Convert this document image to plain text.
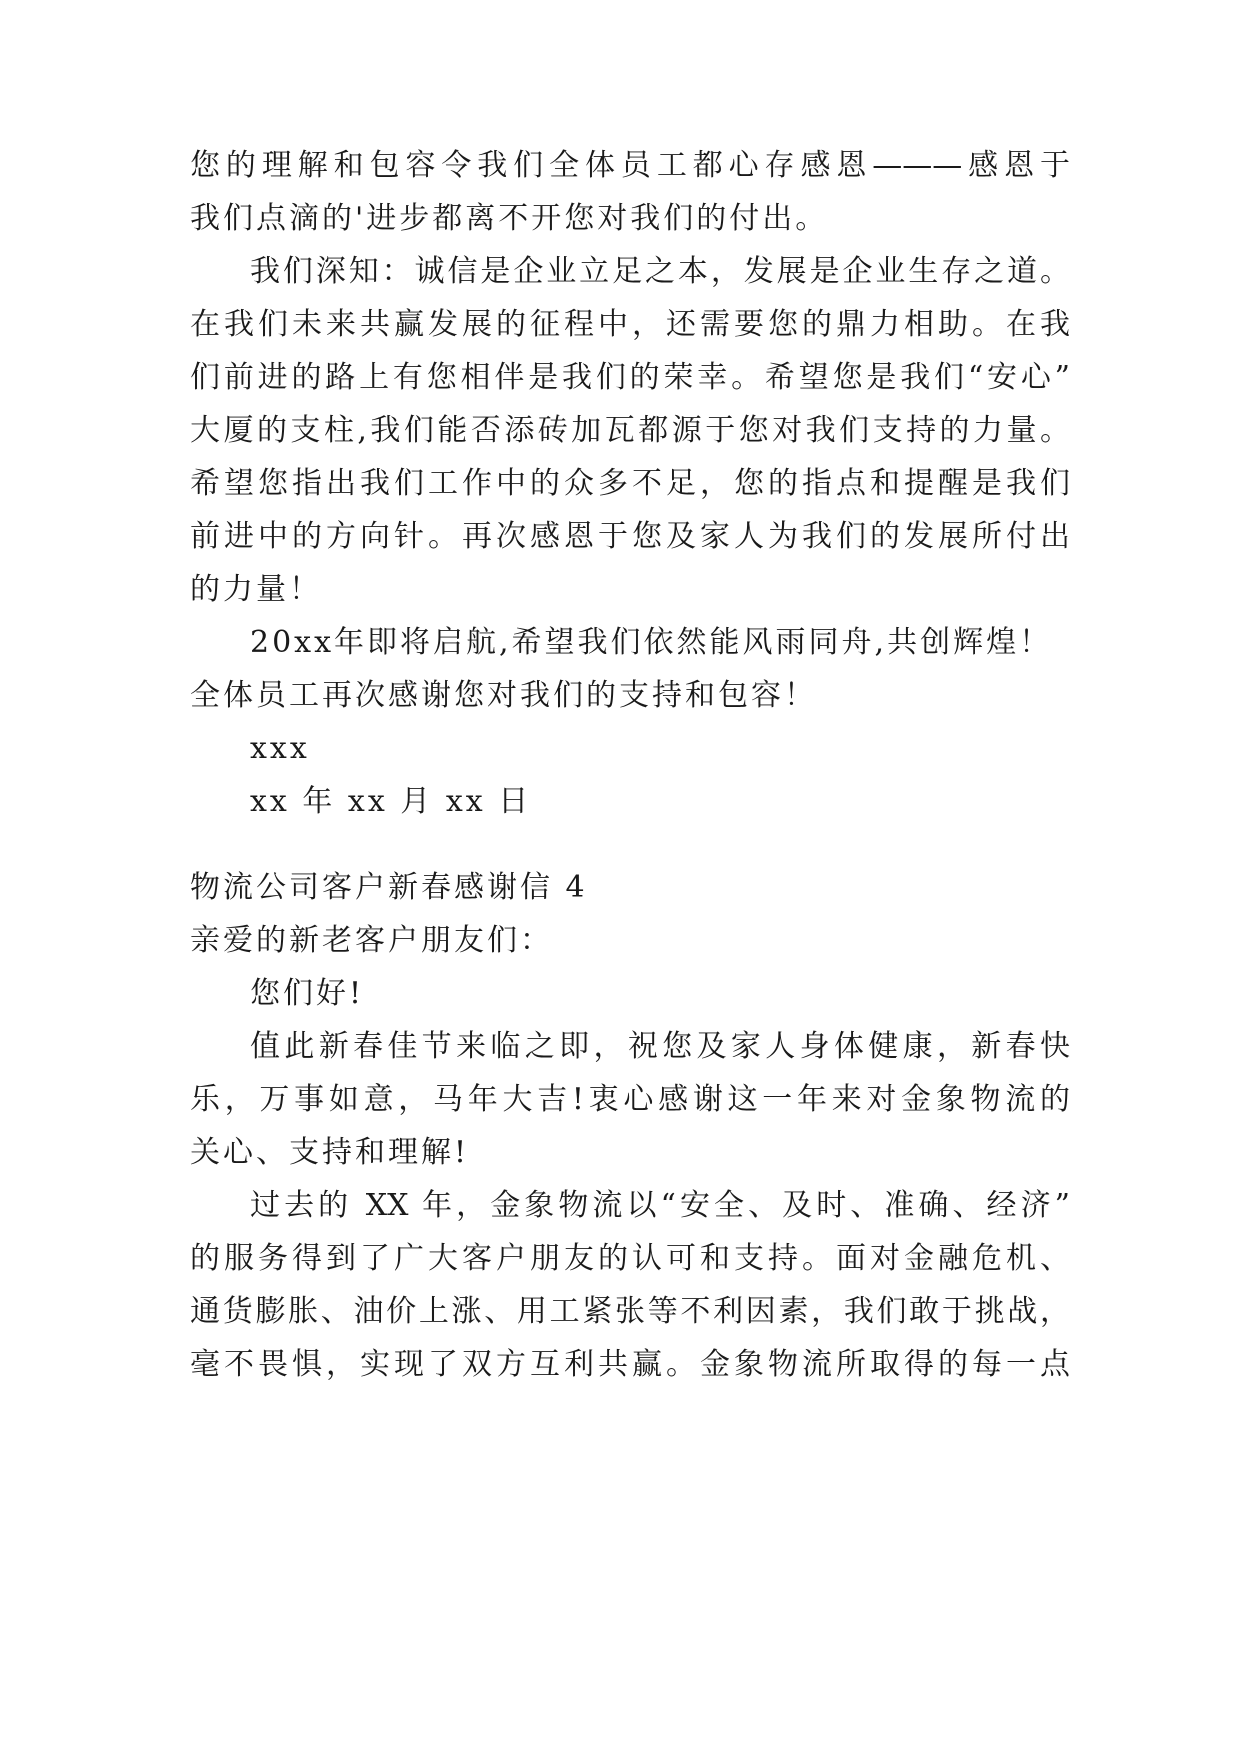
您的理解和包容令我们全体员工都心存感恩———感恩于
我们点滴的'进步都离不开您对我们的付出。
我们深知：诚信是企业立足之本，发展是企业生存之道。
在我们未来共赢发展的征程中，还需要您的鼎力相助。在我
们前进的路上有您相伴是我们的荣幸。希望您是我们“安心”
大厦的支柱,我们能否添砖加瓦都源于您对我们支持的力量。
希望您指出我们工作中的众多不足，您的指点和提醒是我们
前进中的方向针。再次感恩于您及家人为我们的发展所付出
的力量！
20xx年即将启航,希望我们依然能风雨同舟,共创辉煌！
全体员工再次感谢您对我们的支持和包容！
xxx
xx 年 xx 月 xx 日
物流公司客户新春感谢信 4
亲爱的新老客户朋友们：
您们好!
值此新春佳节来临之即，祝您及家人身体健康，新春快
乐，万事如意，马年大吉!衷心感谢这一年来对金象物流的
关心、支持和理解!
过去的 XX 年，金象物流以“安全、及时、准确、经济”
的服务得到了广大客户朋友的认可和支持。面对金融危机、
通货膨胀、油价上涨、用工紧张等不利因素，我们敢于挑战，
毫不畏惧，实现了双方互利共赢。金象物流所取得的每一点
